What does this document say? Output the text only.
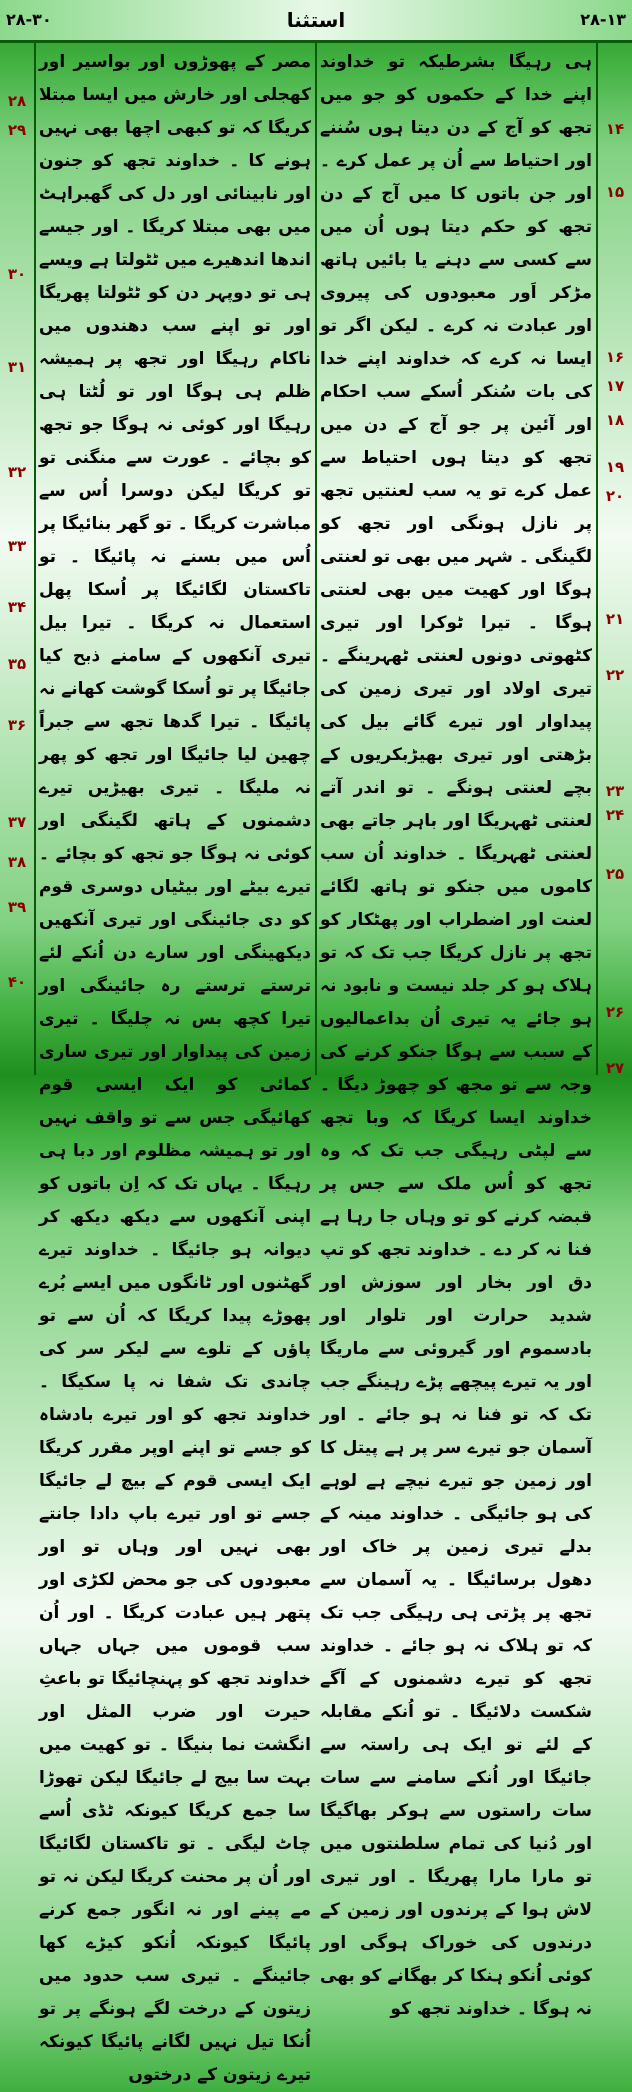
۲۸-۳۰	استثنا	۲۸-۱۳
۱۴
۱۵
۱۶
۱۷
۱۸
۱۹
۲۰
۲۱
۲۲
۲۳
۲۴
۲۵
۲۶
۲۷

ہی رہیگا بشرطیکہ تو خداوند اپنے خدا کے حکموں کو جو میں تجھ کو آج کے دن دیتا ہوں سُننے اور احتیاط سے اُن پر عمل کرے ۔ اور جن باتوں کا میں آج کے دن تجھ کو حکم دیتا ہوں اُن میں سے کسی سے دہنے یا بائیں ہاتھ مڑکر اَور معبودوں کی پیروی اور عبادت نہ کرے ۔ لیکن اگر تو ایسا نہ کرے کہ خداوند اپنے خدا کی بات سُنکر اُسکے سب احکام اور آئین پر جو آج کے دن میں تجھ کو دیتا ہوں احتیاط سے عمل کرے تو یہ سب لعنتیں تجھ پر نازل ہونگی اور تجھ کو لگینگی ۔ شہر میں بھی تو لعنتی ہوگا اور کھیت میں بھی لعنتی ہوگا ۔ تیرا ٹوکرا اور تیری کٹھوتی دونوں لعنتی ٹھہرینگے ۔ تیری اولاد اور تیری زمین کی پیداوار اور تیرے گائے بیل کی بڑھتی اور تیری بھیڑبکریوں کے بچے لعنتی ہونگے ۔ تو اندر آتے لعنتی ٹھہریگا اور باہر جاتے بھی لعنتی ٹھہریگا ۔ خداوند اُن سب کاموں میں جنکو تو ہاتھ لگائے لعنت اور اضطراب اور پھٹکار کو تجھ پر نازل کریگا جب تک کہ تو ہلاک ہو کر جلد نیست و نابود نہ ہو جائے یہ تیری اُن بداعمالیوں کے سبب سے ہوگا جنکو کرنے کی وجہ سے تو مجھ کو چھوڑ دیگا ۔ خداوند ایسا کریگا کہ وبا تجھ سے لپٹی رہیگی جب تک کہ وہ تجھ کو اُس ملک سے جس پر قبضہ کرنے کو تو وہاں جا رہا ہے فنا نہ کر دے ۔ خداوند تجھ کو تپ دق اور بخار اور سوزش اور شدید حرارت اور تلوار اور بادسموم اور گیروئی سے ماریگا اور یہ تیرے پیچھے پڑے رہینگے جب تک کہ تو فنا نہ ہو جائے ۔ اور آسمان جو تیرے سر پر ہے پیتل کا اور زمین جو تیرے نیچے ہے لوہے کی ہو جائیگی ۔ خداوند مینہ کے بدلے تیری زمین پر خاک اور دھول برسائیگا ۔ یہ آسمان سے تجھ پر پڑتی ہی رہیگی جب تک کہ تو ہلاک نہ ہو جائے ۔ خداوند تجھ کو تیرے دشمنوں کے آگے شکست دلائیگا ۔ تو اُنکے مقابلہ کے لئے تو ایک ہی راستہ سے جائیگا اور اُنکے سامنے سے سات سات راستوں سے ہوکر بھاگیگا اور دُنیا کی تمام سلطنتوں میں تو مارا مارا پھریگا ۔ اور تیری لاش ہوا کے پرندوں اور زمین کے درندوں کی خوراک ہوگی اور کوئی اُنکو ہنکا کر بھگانے کو بھی نہ ہوگا ۔ خداوند تجھ کو

مصر کے پھوڑوں اور بواسیر اور کھجلی اور خارش میں ایسا مبتلا کریگا کہ تو کبھی اچھا بھی نہیں ہونے کا ۔ خداوند تجھ کو جنون اور نابینائی اور دل کی گھبراہٹ میں بھی مبتلا کریگا ۔ اور جیسے اندھا اندھیرے میں ٹٹولتا ہے ویسے ہی تو دوپہر دن کو ٹٹولتا پھریگا اور تو اپنے سب دھندوں میں ناکام رہیگا اور تجھ پر ہمیشہ ظلم ہی ہوگا اور تو لُٹتا ہی رہیگا اور کوئی نہ ہوگا جو تجھ کو بچائے ۔ عورت سے منگنی تو تو کریگا لیکن دوسرا اُس سے مباشرت کریگا ۔ تو گھر بنائیگا پر اُس میں بسنے نہ پائیگا ۔ تو تاکستان لگائیگا پر اُسکا پھل استعمال نہ کریگا ۔ تیرا بیل تیری آنکھوں کے سامنے ذبح کیا جائیگا پر تو اُسکا گوشت کھانے نہ پائیگا ۔ تیرا گدھا تجھ سے جبراً چھین لیا جائیگا اور تجھ کو پھر نہ ملیگا ۔ تیری بھیڑیں تیرے دشمنوں کے ہاتھ لگینگی اور کوئی نہ ہوگا جو تجھ کو بچائے ۔ تیرے بیٹے اور بیٹیاں دوسری قوم کو دی جائینگی اور تیری آنکھیں دیکھینگی اور سارے دن اُنکے لئے ترستے ترستے رہ جائینگی اور تیرا کچھ بس نہ چلیگا ۔ تیری زمین کی پیداوار اور تیری ساری کمائی کو ایک ایسی قوم کھائیگی جس سے تو واقف نہیں اور تو ہمیشہ مظلوم اور دبا ہی رہیگا ۔ یہاں تک کہ اِن باتوں کو اپنی آنکھوں سے دیکھ دیکھ کر دیوانہ ہو جائیگا ۔ خداوند تیرے گھٹنوں اور ٹانگوں میں ایسے بُرے پھوڑے پیدا کریگا کہ اُن سے تو پاؤں کے تلوے سے لیکر سر کی چاندی تک شفا نہ پا سکیگا ۔ خداوند تجھ کو اور تیرے بادشاہ کو جسے تو اپنے اوپر مقرر کریگا ایک ایسی قوم کے بیچ لے جائیگا جسے تو اور تیرے باپ دادا جانتے بھی نہیں اور وہاں تو اور معبودوں کی جو محض لکڑی اور پتھر ہیں عبادت کریگا ۔ اور اُن سب قوموں میں جہاں جہاں خداوند تجھ کو پہنچائیگا تو باعثِ حیرت اور ضرب المثل اور انگشت نما بنیگا ۔ تو کھیت میں بہت سا بیج لے جائیگا لیکن تھوڑا سا جمع کریگا کیونکہ ٹڈی اُسے چاٹ لیگی ۔ تو تاکستان لگائیگا اور اُن پر محنت کریگا لیکن نہ تو مے پینے اور نہ انگور جمع کرنے پائیگا کیونکہ اُنکو کیڑے کھا جائینگے ۔ تیری سب حدود میں زیتون کے درخت لگے ہونگے پر تو اُنکا تیل نہیں لگانے پائیگا کیونکہ تیرے زیتون کے درختوں

۲۸
۲۹
۳۰
۳۱
۳۲
۳۳
۳۴
۳۵
۳۶
۳۷
۳۸
۳۹
۴۰
